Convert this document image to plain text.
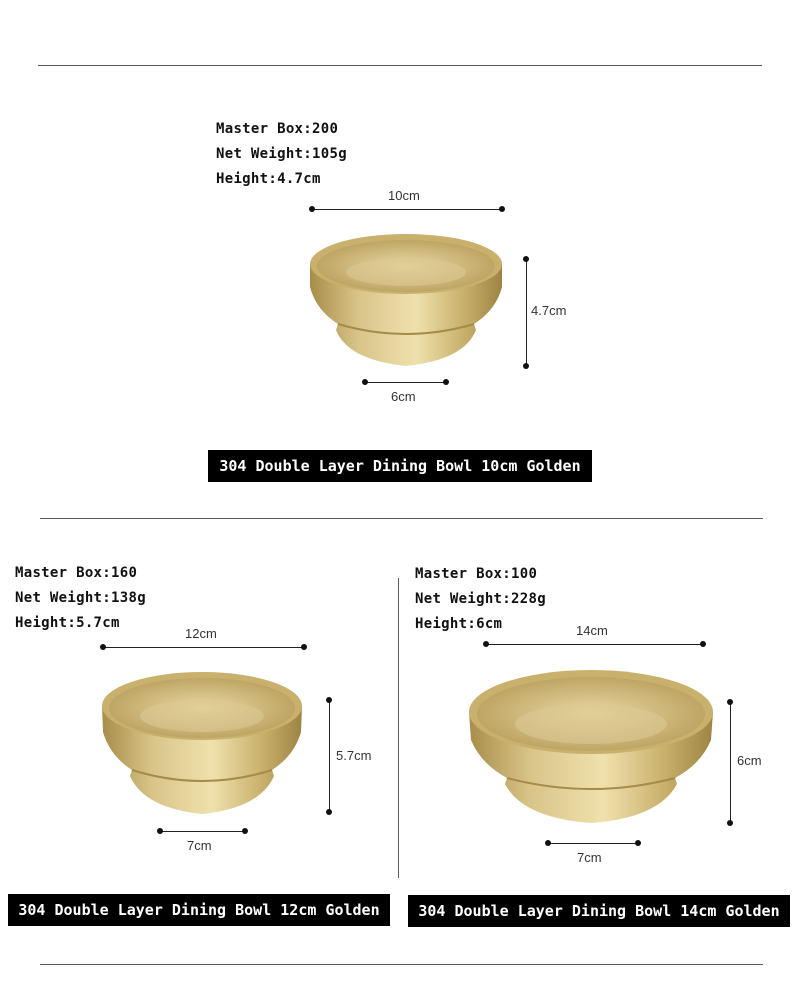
Master Box:200
Net Weight:105g
Height:4.7cm
10cm
4.7cm
6cm
304 Double Layer Dining Bowl 10cm Golden
Master Box:160
Net Weight:138g
Height:5.7cm
12cm
5.7cm
7cm
304 Double Layer Dining Bowl 12cm Golden
Master Box:100
Net Weight:228g
Height:6cm	14cm
6cm
7cm
304 Double Layer Dining Bowl 14cm Golden
